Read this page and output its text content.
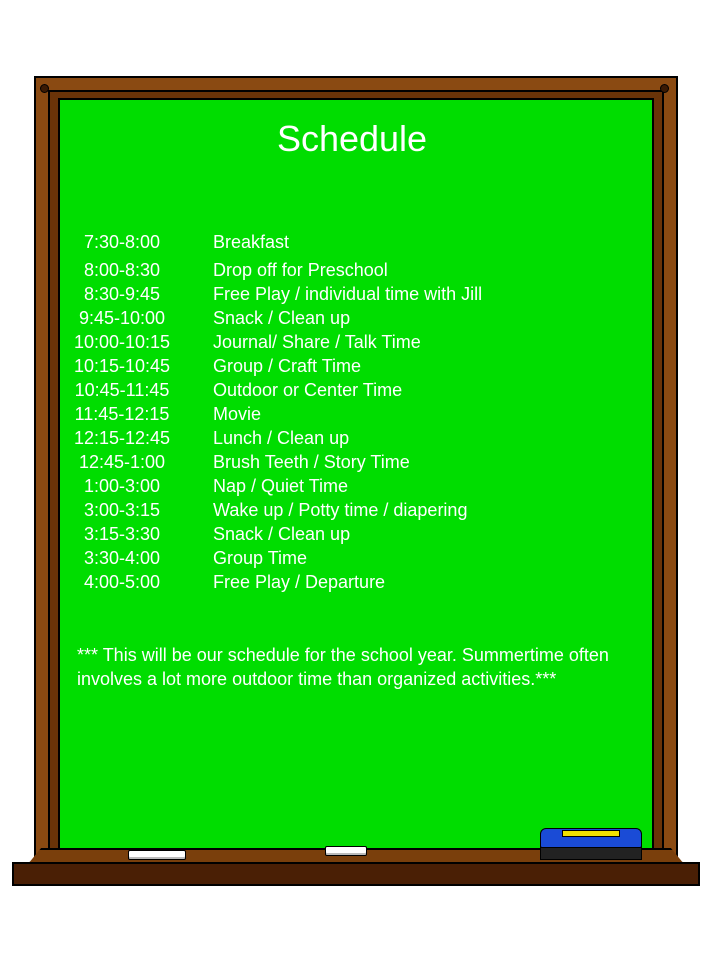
Schedule
7:30-8:00	Breakfast
8:00-8:30	Drop off for Preschool
8:30-9:45	Free Play / individual time with Jill
9:45-10:00	Snack / Clean up
10:00-10:15 Journal/ Share / Talk Time
10:15-10:45 Group / Craft Time
10:45-11:45 Outdoor or Center Time
11:45-12:15 Movie
12:15-12:45 Lunch / Clean up
12:45-1:00	Brush Teeth / Story Time
1:00-3:00	Nap / Quiet Time
3:00-3:15	Wake up / Potty time / diapering
3:15-3:30	Snack / Clean up
3:30-4:00	Group Time
4:00-5:00	Free Play / Departure
*** This will be our schedule for the school year. Summertime often involves a lot more outdoor time than organized activities.***
